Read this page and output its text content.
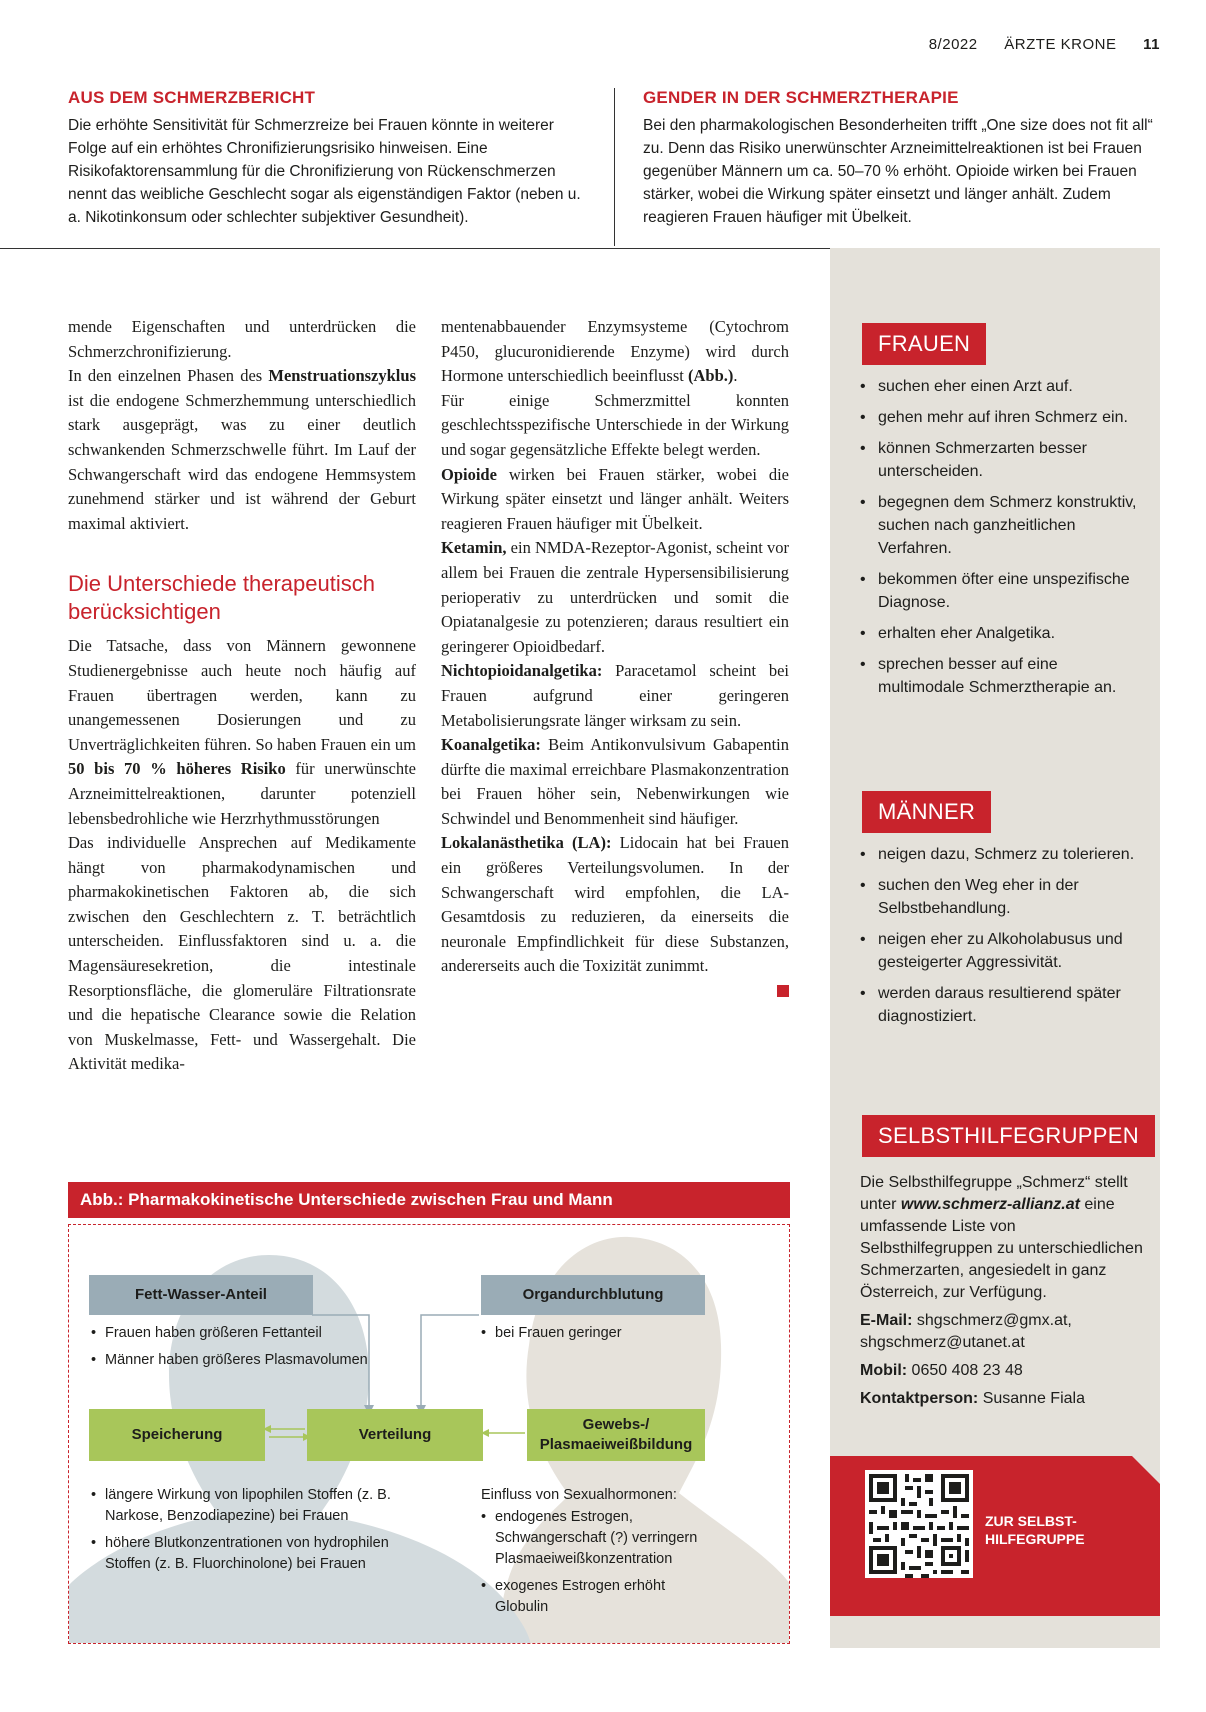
8/2022 ÄRZTE KRONE 11
AUS DEM SCHMERZBERICHT

Die erhöhte Sensitivität für Schmerzreize bei Frauen könnte in weiterer Folge auf ein erhöhtes Chronifizierungsrisiko hinweisen. Eine Risikofaktorensammlung für die Chronifizierung von Rückenschmerzen nennt das weibliche Geschlecht sogar als eigenständigen Faktor (neben u. a. Nikotinkonsum oder schlechter subjektiver Gesundheit).

GENDER IN DER SCHMERZTHERAPIE

Bei den pharmakologischen Besonderheiten trifft „One size does not fit all“ zu. Denn das Risiko unerwünschter Arzneimittelreaktionen ist bei Frauen gegenüber Männern um ca. 50–70 % erhöht. Opioide wirken bei Frauen stärker, wobei die Wirkung später einsetzt und länger anhält. Zudem reagieren Frauen häufiger mit Übelkeit.

mende Eigenschaften und unterdrücken die Schmerzchronifizierung.

In den einzelnen Phasen des Menstruationszyklus ist die endogene Schmerzhemmung unterschiedlich stark ausgeprägt, was zu einer deutlich schwankenden Schmerzschwelle führt. Im Lauf der Schwangerschaft wird das endogene Hemmsystem zunehmend stärker und ist während der Geburt maximal aktiviert.

Die Unterschiede therapeutisch berücksichtigen

Die Tatsache, dass von Männern gewonnene Studienergebnisse auch heute noch häufig auf Frauen übertragen werden, kann zu unangemessenen Dosierungen und zu Unverträglichkeiten führen. So haben Frauen ein um 50 bis 70 % höheres Risiko für unerwünschte Arzneimittelreaktionen, darunter potenziell lebensbedrohliche wie Herzrhythmusstörungen

Das individuelle Ansprechen auf Medikamente hängt von pharmakodynamischen und pharmakokinetischen Faktoren ab, die sich zwischen den Geschlechtern z. T. beträchtlich unterscheiden. Einflussfaktoren sind u. a. die Magensäuresekretion, die intestinale Resorptionsfläche, die glomeruläre Filtrationsrate und die hepatische Clearance sowie die Relation von Muskelmasse, Fett- und Wassergehalt. Die Aktivität medika-

mentenabbauender Enzymsysteme (Cytochrom P450, glucuronidierende Enzyme) wird durch Hormone unterschiedlich beeinflusst (Abb.).

Für einige Schmerzmittel konnten geschlechtsspezifische Unterschiede in der Wirkung und sogar gegensätzliche Effekte belegt werden.

Opioide wirken bei Frauen stärker, wobei die Wirkung später einsetzt und länger anhält. Weiters reagieren Frauen häufiger mit Übelkeit.

Ketamin, ein NMDA-Rezeptor-Agonist, scheint vor allem bei Frauen die zentrale Hypersensibilisierung perioperativ zu unterdrücken und somit die Opiatanalgesie zu potenzieren; daraus resultiert ein geringerer Opioidbedarf.

Nichtopioidanalgetika: Paracetamol scheint bei Frauen aufgrund einer geringeren Metabolisierungsrate länger wirksam zu sein.

Koanalgetika: Beim Antikonvulsivum Gabapentin dürfte die maximal erreichbare Plasmakonzentration bei Frauen höher sein, Nebenwirkungen wie Schwindel und Benommenheit sind häufiger.

Lokalanästhetika (LA): Lidocain hat bei Frauen ein größeres Verteilungsvolumen. In der Schwangerschaft wird empfohlen, die LA-Gesamtdosis zu reduzieren, da einerseits die neuronale Empfindlichkeit für diese Substanzen, andererseits auch die Toxizität zunimmt.

FRAUEN
• suchen eher einen Arzt auf.
• gehen mehr auf ihren Schmerz ein.
• können Schmerzarten besser unterscheiden.
• begegnen dem Schmerz konstruktiv, suchen nach ganzheitlichen Verfahren.
• bekommen öfter eine unspezifische Diagnose.
• erhalten eher Analgetika.
• sprechen besser auf eine multimodale Schmerztherapie an.
MÄNNER
• neigen dazu, Schmerz zu tolerieren.
• suchen den Weg eher in der Selbstbehandlung.
• neigen eher zu Alkoholabusus und gesteigerter Aggressivität.
• werden daraus resultierend später diagnostiziert.
SELBSTHILFEGRUPPEN

Die Selbsthilfegruppe „Schmerz“ stellt unter www.schmerz-allianz.at eine umfassende Liste von Selbsthilfegruppen zu unterschiedlichen Schmerzarten, angesiedelt in ganz Österreich, zur Verfügung.

E-Mail: shgschmerz@gmx.at, shgschmerz@utanet.at

Mobil: 0650 408 23 48

Kontaktperson: Susanne Fiala

ZUR SELBST-
HILFEGRUPPE
Abb.: Pharmakokinetische Unterschiede zwischen Frau und Mann
Fett-Wasser-Anteil	Organdurchblutung
• Frauen haben größeren Fettanteil
• Männer haben größeres Plasmavolumen
• bei Frauen geringer
Speicherung	Verteilung
Gewebs-/
Plasmaeiweißbildung
• längere Wirkung von lipophilen Stoffen (z. B. Narkose, Benzodiapezine) bei Frauen
• höhere Blutkonzentrationen von hydrophilen Stoffen (z. B. Fluorchinolone) bei Frauen
Einfluss von Sexualhormonen:
• endogenes Estrogen, Schwangerschaft (?) verringern Plasmaeiweißkonzentration
• exogenes Estrogen erhöht Globulin
